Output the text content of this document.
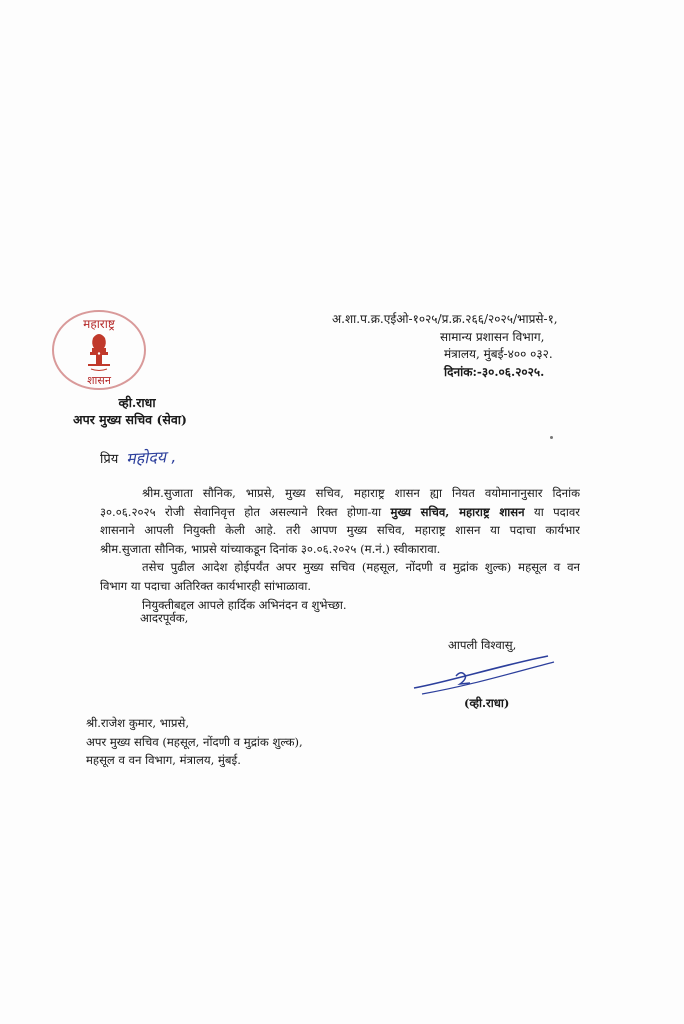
महाराष्ट्र
शासन
व्ही.राधा
अपर मुख्य सचिव (सेवा)
अ.शा.प.क्र.एईओ-१०२५/प्र.क्र.२६६/२०२५/भाप्रसे-१,
सामान्य प्रशासन विभाग,
मंत्रालय, मुंबई-४०० ०३२.
दिनांक:-३०.०६.२०२५.
प्रिय महोदय ,
श्रीम.सुजाता सौनिक, भाप्रसे, मुख्य सचिव, महाराष्ट्र शासन ह्या नियत वयोमानानुसार दिनांक
३०.०६.२०२५ रोजी सेवानिवृत्त होत असल्याने रिक्त होणा-या मुख्य सचिव, महाराष्ट्र शासन या पदावर
शासनाने आपली नियुक्ती केली आहे. तरी आपण मुख्य सचिव, महाराष्ट्र शासन या पदाचा कार्यभार
श्रीम.सुजाता सौनिक, भाप्रसे यांच्याकडून दिनांक ३०.०६.२०२५ (म.नं.) स्वीकारावा.
तसेच पुढील आदेश होईपर्यंत अपर मुख्य सचिव (महसूल, नोंदणी व मुद्रांक शुल्क) महसूल व वन
विभाग या पदाचा अतिरिक्त कार्यभारही सांभाळावा.
नियुक्तीबद्दल आपले हार्दिक अभिनंदन व शुभेच्छा.
आदरपूर्वक,
आपली विश्वासु,
2
(व्ही.राधा)
श्री.राजेश कुमार, भाप्रसे,
अपर मुख्य सचिव (महसूल, नोंदणी व मुद्रांक शुल्क),
महसूल व वन विभाग, मंत्रालय, मुंबई.
